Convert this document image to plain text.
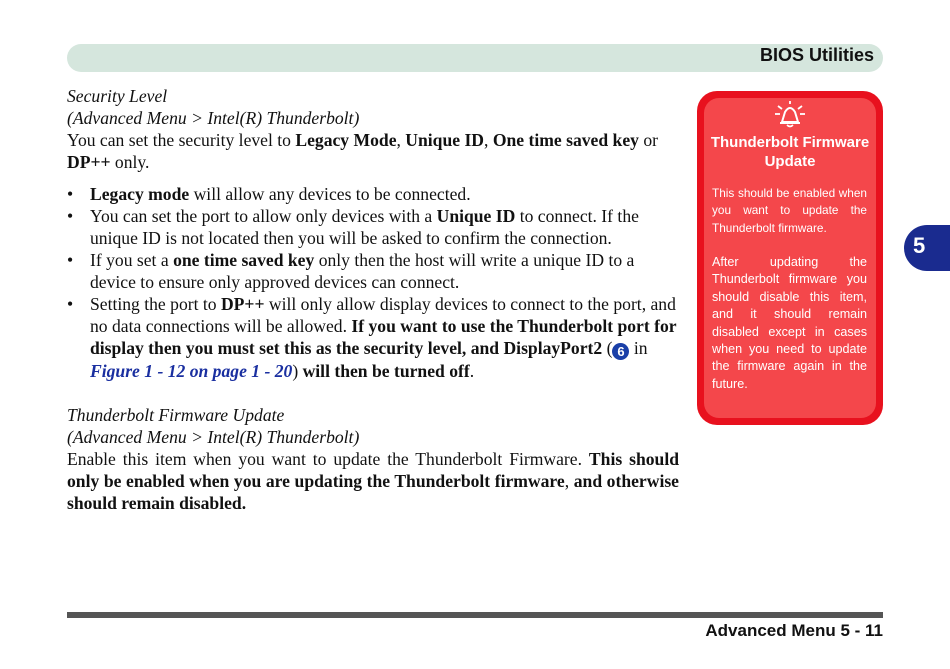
BIOS Utilities

Security Level

(Advanced Menu > Intel(R) Thunderbolt)

You can set the security level to Legacy Mode, Unique ID, One time saved key or
DP++ only.

• Legacy mode will allow any devices to be connected.
• You can set the port to allow only devices with a Unique ID to connect. If the unique ID is not located then you will be asked to confirm the connection.
• If you set a one time saved key only then the host will write a unique ID to a device to ensure only approved devices can connect.
• Setting the port to DP++ will only allow display devices to connect to the port, and no data connections will be allowed. If you want to use the Thunderbolt port for display then you must set this as the security level, and DisplayPort2 ( 6 in Figure 1 - 12 on page 1 - 20) will then be turned off.

Thunderbolt Firmware Update

(Advanced Menu > Intel(R) Thunderbolt)

Enable this item when you want to update the Thunderbolt Firmware. This should only be enabled when you are updating the Thunderbolt firmware, and otherwise should remain disabled.

Thunderbolt Firmware Update
This should be enabled when you want to update the Thunderbolt firmware.
After updating the Thunderbolt firmware you should disable this item, and it should remain disabled except in cases when you need to update the firmware again in the future.
5
Advanced Menu 5 - 11
